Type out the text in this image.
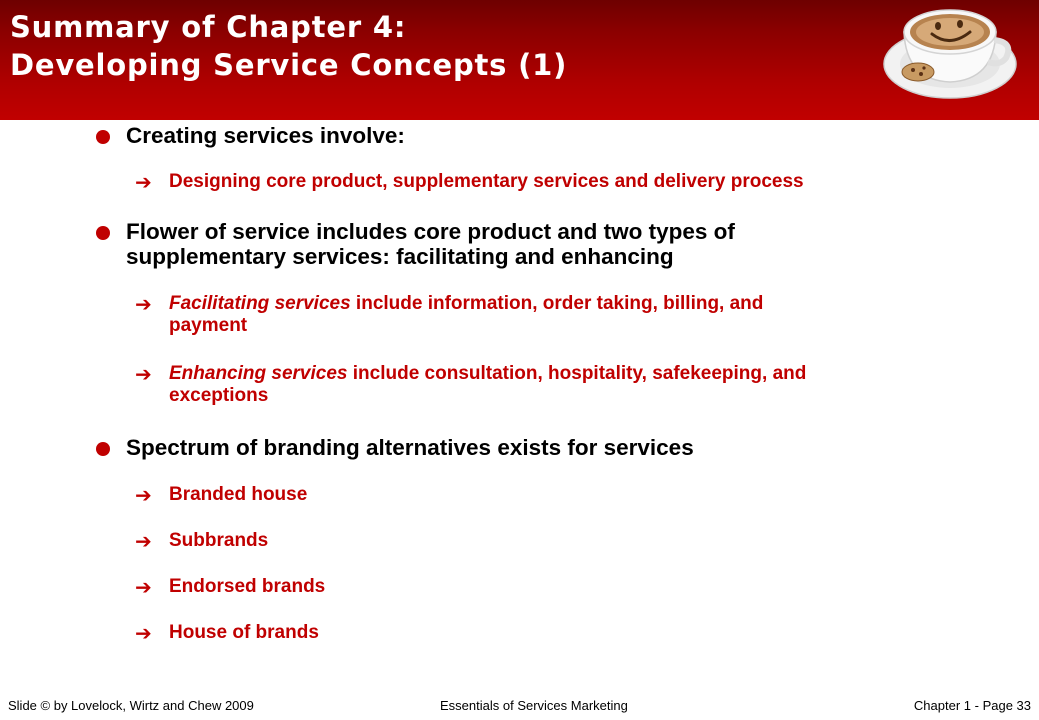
Summary of Chapter 4:
Developing Service Concepts (1)
Creating services involve:
➔ Designing core product, supplementary services and delivery process
Flower of service includes core product and two types of
supplementary services: facilitating and enhancing
➔ Facilitating services include information, order taking, billing, and
payment
➔ Enhancing services include consultation, hospitality, safekeeping, and
exceptions
Spectrum of branding alternatives exists for services
➔ Branded house
➔ Subbrands
➔ Endorsed brands
➔ House of brands
Slide © by Lovelock, Wirtz and Chew 2009	Essentials of Services Marketing	Chapter 1 - Page 33
